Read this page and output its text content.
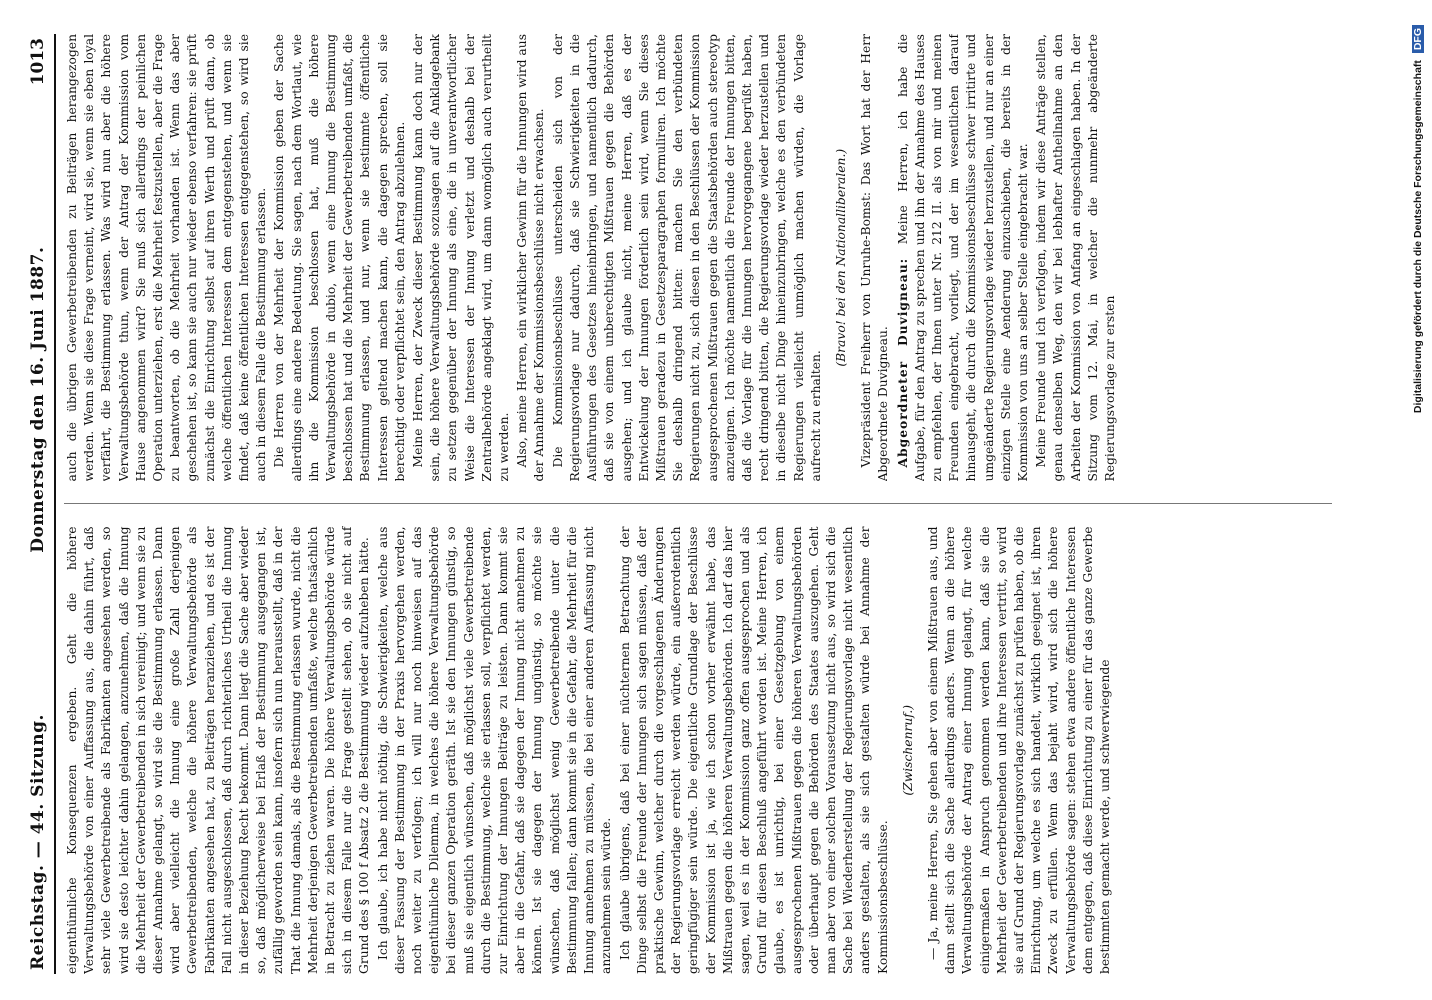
Reichstag. — 44. Sitzung.
Donnerstag den 16. Juni 1887.
1013

eigenthümliche Konsequenzen ergeben. Geht die höhere Verwaltungsbehörde von einer Auffassung aus, die dahin führt, daß sehr viele Gewerbetreibende als Fabrikanten angesehen werden, so wird sie desto leichter dahin gelangen, anzunehmen, daß die Innung die Mehrheit der Gewerbetreibenden in sich vereinigt; und wenn sie zu dieser Annahme gelangt, so wird sie die Bestimmung erlassen. Dann wird aber vielleicht die Innung eine große Zahl derjenigen Gewerbetreibenden, welche die höhere Verwaltungsbehörde als Fabrikanten angesehen hat, zu Beiträgen heranziehen, und es ist der Fall nicht ausgeschlossen, daß durch richterliches Urtheil die Innung in dieser Beziehung Recht bekommt. Dann liegt die Sache aber wieder so, daß möglicherweise bei Erlaß der Bestimmung ausgegangen ist, zufällig geworden sein kann, insofern sich nun herausstellt, daß in der That die Innung damals, als die Bestimmung erlassen wurde, nicht die Mehrheit derjenigen Gewerbetreibenden umfaßte, welche thatsächlich in Betracht zu ziehen waren. Die höhere Verwaltungsbehörde würde sich in diesem Falle nur die Frage gestellt sehen, ob sie nicht auf Grund des § 100 f Absatz 2 die Bestimmung wieder aufzuheben hätte. Ich glaube, ich habe nicht nöthig, die Schwierigkeiten, welche aus dieser Fassung der Bestimmung in der Praxis hervorgehen werden, noch weiter zu verfolgen; ich will nur noch hinweisen auf das eigenthümliche Dilemma, in welches die höhere Verwaltungsbehörde bei dieser ganzen Operation geräth. Ist sie den Innungen günstig, so muß sie eigentlich wünschen, daß möglichst viele Gewerbetreibende durch die Bestimmung, welche sie erlassen soll, verpflichtet werden, zur Einrichtung der Innungen Beiträge zu leisten. Dann kommt sie aber in die Gefahr, daß sie dagegen der Innung nicht annehmen zu können. Ist sie dagegen der Innung ungünstig, so möchte sie wünschen, daß möglichst wenig Gewerbetreibende unter die Bestimmung fallen; dann kommt sie in die Gefahr, die Mehrheit für die Innung annehmen zu müssen, die bei einer anderen Auffassung nicht anzunehmen sein würde. Ich glaube übrigens, daß bei einer nüchternen Betrachtung der Dinge selbst die Freunde der Innungen sich sagen müssen, daß der praktische Gewinn, welcher durch die vorgeschlagenen Änderungen der Regierungsvorlage erreicht werden würde, ein außerordentlich geringfügiger sein würde. Die eigentliche Grundlage der Beschlüsse der Kommission ist ja, wie ich schon vorher erwähnt habe, das Mißtrauen gegen die höheren Verwaltungsbehörden. Ich darf das hier sagen, weil es in der Kommission ganz offen ausgesprochen und als Grund für diesen Beschluß angeführt worden ist. Meine Herren, ich glaube, es ist unrichtig, bei einer Gesetzgebung von einem ausgesprochenen Mißtrauen gegen die höheren Verwaltungsbehörden oder überhaupt gegen die Behörden des Staates auszugehen. Geht man aber von einer solchen Voraussetzung nicht aus, so wird sich die Sache bei Wiederherstellung der Regierungsvorlage nicht wesentlich anders gestalten, als sie sich gestalten würde bei Annahme der Kommissionsbeschlüsse.

(Zwischenruf.) — Ja, meine Herren, Sie gehen aber von einem Mißtrauen aus, und dann stellt sich die Sache allerdings anders. Wenn an die höhere Verwaltungsbehörde der Antrag einer Innung gelangt, für welche einigermaßen in Anspruch genommen werden kann, daß sie die Mehrheit der Gewerbetreibenden und ihre Interessen vertritt, so wird sie auf Grund der Regierungsvorlage zunächst zu prüfen haben, ob die Einrichtung, um welche es sich handelt, wirklich geeignet ist, ihren Zweck zu erfüllen. Wenn das bejaht wird, wird sich die höhere Verwaltungsbehörde sagen: stehen etwa andere öffentliche Interessen dem entgegen, daß diese Einrichtung zu einer für das ganze Gewerbe bestimmten gemacht werde, und schwerwiegende

auch die übrigen Gewerbetreibenden zu Beiträgen herangezogen werden. Wenn sie diese Frage verneint, wird sie, wenn sie eben loyal verfährt, die Bestimmung erlassen. Was wird nun aber die höhere Verwaltungsbehörde thun, wenn der Antrag der Kommission vom Hause angenommen wird? Sie muß sich allerdings der peinlichen Operation unterziehen, erst die Mehrheit festzustellen, aber die Frage zu beantworten, ob die Mehrheit vorhanden ist. Wenn das aber geschehen ist, so kann sie auch nur wieder ebenso verfahren: sie prüft zunächst die Einrichtung selbst auf ihren Werth und prüft dann, ob welche öffentlichen Interessen dem entgegenstehen, und wenn sie findet, daß keine öffentlichen Interessen entgegenstehen, so wird sie auch in diesem Falle die Bestimmung erlassen. Die Herren von der Mehrheit der Kommission geben der Sache allerdings eine andere Bedeutung. Sie sagen, nach dem Wortlaut, wie ihn die Kommission beschlossen hat, muß die höhere Verwaltungsbehörde in dubio, wenn eine Innung die Bestimmung beschlossen hat und die Mehrheit der Gewerbetreibenden umfaßt, die Bestimmung erlassen, und nur, wenn sie bestimmte öffentliche Interessen geltend machen kann, die dagegen sprechen, soll sie berechtigt oder verpflichtet sein, den Antrag abzulehnen. Meine Herren, der Zweck dieser Bestimmung kann doch nur der sein, die höhere Verwaltungsbehörde sozusagen auf die Anklagebank zu setzen gegenüber der Innung als eine, die in unverantwortlicher Weise die Interessen der Innung verletzt und deshalb bei der Zentralbehörde angeklagt wird, um dann womöglich auch verurtheilt zu werden. Also, meine Herren, ein wirklicher Gewinn für die Innungen wird aus der Annahme der Kommissionsbeschlüsse nicht erwachsen. Die Kommissionsbeschlüsse unterscheiden sich von der Regierungsvorlage nur dadurch, daß sie Schwierigkeiten in die Ausführungen des Gesetzes hineinbringen, und namentlich dadurch, daß sie von einem unberechtigten Mißtrauen gegen die Behörden ausgehen; und ich glaube nicht, meine Herren, daß es der Entwickelung der Innungen förderlich sein wird, wenn Sie dieses Mißtrauen geradezu in Gesetzesparagraphen formuliren. Ich möchte Sie deshalb dringend bitten: machen Sie den verbündeten Regierungen nicht zu, sich diesen in den Beschlüssen der Kommission ausgesprochenen Mißtrauen gegen die Staatsbehörden auch stereotyp anzueignen. Ich möchte namentlich die Freunde der Innungen bitten, daß die Vorlage für die Innungen hervorgegangene begrüßt haben, recht dringend bitten, die Regierungsvorlage wieder herzustellen und in dieselbe nicht Dinge hineinzubringen, welche es den verbündeten Regierungen vielleicht unmöglich machen würden, die Vorlage aufrecht zu erhalten.

(Bravo! bei den Nationalliberalen.) Vizepräsident Freiherr von Unruhe-Bomst: Das Wort hat der Herr Abgeordnete Duvigneau. Abgeordneter Duvigneau: Meine Herren, ich habe die Aufgabe, für den Antrag zu sprechen und ihn der Annahme des Hauses zu empfehlen, der Ihnen unter Nr. 212 II. als von mir und meinen Freunden eingebracht, vorliegt, und der im wesentlichen darauf hinausgeht, die durch die Kommissionsbeschlüsse schwer irritirte und umgeänderte Regierungsvorlage wieder herzustellen, und nur an einer einzigen Stelle eine Aenderung einzuschieben, die bereits in der Kommission von uns an selber Stelle eingebracht war. Meine Freunde und ich verfolgen, indem wir diese Anträge stellen, genau denselben Weg, den wir bei lebhafter Antheilnahme an den Arbeiten der Kommission von Anfang an eingeschlagen haben. In der Sitzung vom 12. Mai, in welcher die nunmehr abgeänderte Regierungsvorlage zur ersten	Digitalisierung gefördert durch die Deutsche Forschungsgemeinschaft DFG
